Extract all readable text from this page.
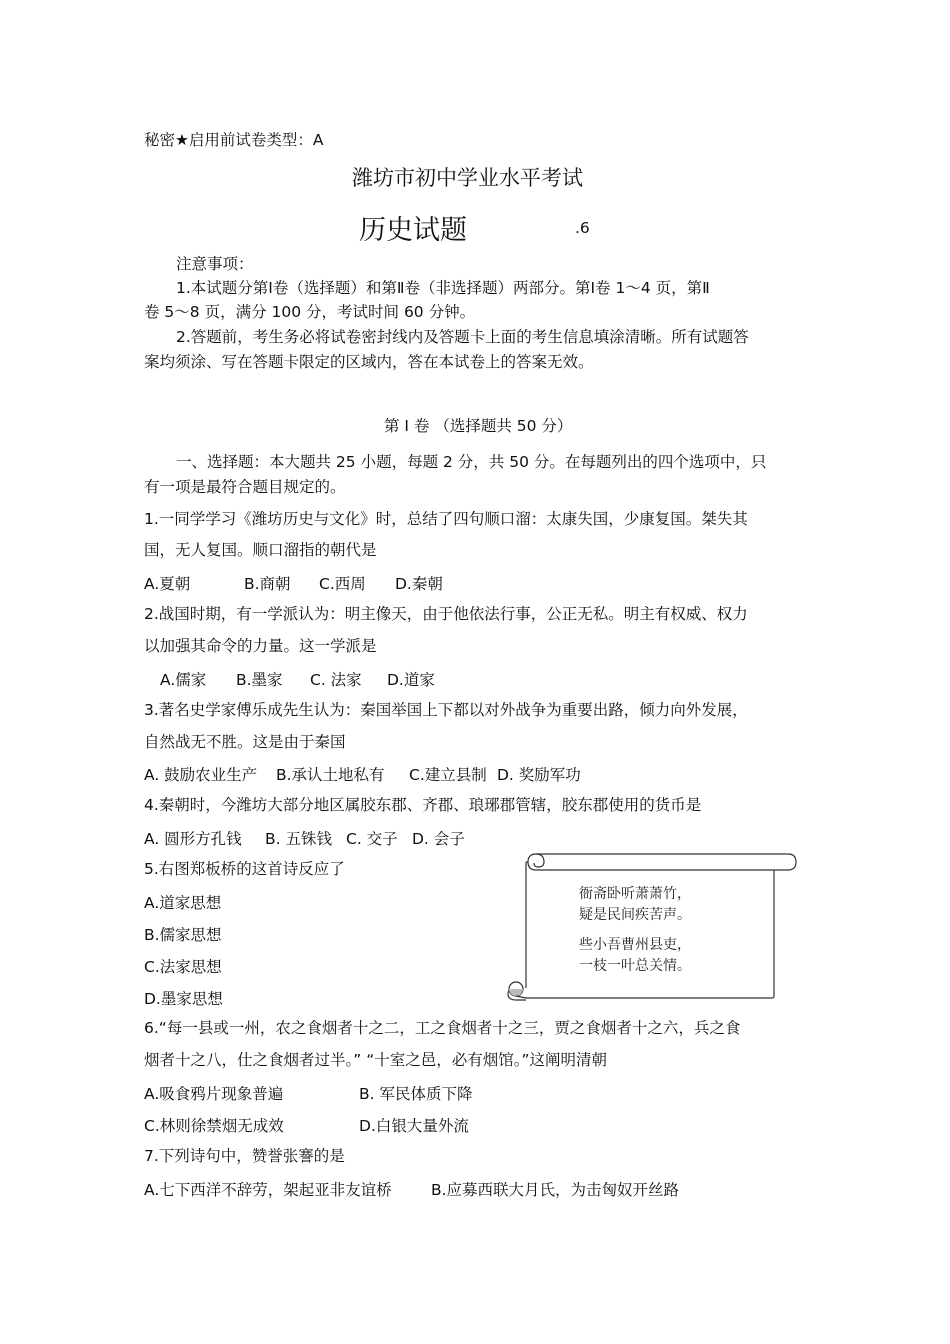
秘密★启用前试卷类型：A
潍坊市初中学业水平考试
历史试题	.6
注意事项：
1.本试题分第Ⅰ卷（选择题）和第Ⅱ卷（非选择题）两部分。第Ⅰ卷 1～4 页，第Ⅱ
卷 5～8 页，满分 100 分，考试时间 60 分钟。
2.答题前，考生务必将试卷密封线内及答题卡上面的考生信息填涂清晰。所有试题答
案均须涂、写在答题卡限定的区域内，答在本试卷上的答案无效。
第 Ⅰ 卷 （选择题共 50 分）
一、选择题：本大题共 25 小题，每题 2 分，共 50 分。在每题列出的四个选项中，只
有一项是最符合题目规定的。
1.一同学学习《潍坊历史与文化》时，总结了四句顺口溜：太康失国，少康复国。桀失其
国，无人复国。顺口溜指的朝代是
A.夏朝	B.商朝 C.西周 D.秦朝
2.战国时期，有一学派认为：明主像天，由于他依法行事，公正无私。明主有权威、权力
以加强其命令的力量。这一学派是
A.儒家 B.墨家 C. 法家 D.道家
3.著名史学家傅乐成先生认为：秦国举国上下都以对外战争为重要出路，倾力向外发展，
自然战无不胜。这是由于秦国
A. 鼓励农业生产 B.承认土地私有 C.建立县制 D. 奖励军功
4.秦朝时，今潍坊大部分地区属胶东郡、齐郡、琅琊郡管辖，胶东郡使用的货币是
A. 圆形方孔钱 B. 五铢钱 C. 交子 D. 会子
5.右图郑板桥的这首诗反应了
A.道家思想
B.儒家思想
C.法家思想
D.墨家思想
衙斋卧听萧萧竹，
疑是民间疾苦声。
些小吾曹州县吏，
一枝一叶总关情。
6.“每一县或一州，农之食烟者十之二，工之食烟者十之三，贾之食烟者十之六，兵之食
烟者十之八，仕之食烟者过半。” “十室之邑，必有烟馆。”这阐明清朝
A.吸食鸦片现象普遍	B. 军民体质下降
C.林则徐禁烟无成效	D.白银大量外流
7.下列诗句中，赞誉张謇的是
A.七下西洋不辞劳，架起亚非友谊桥	B.应募西联大月氏，为击匈奴开丝路
